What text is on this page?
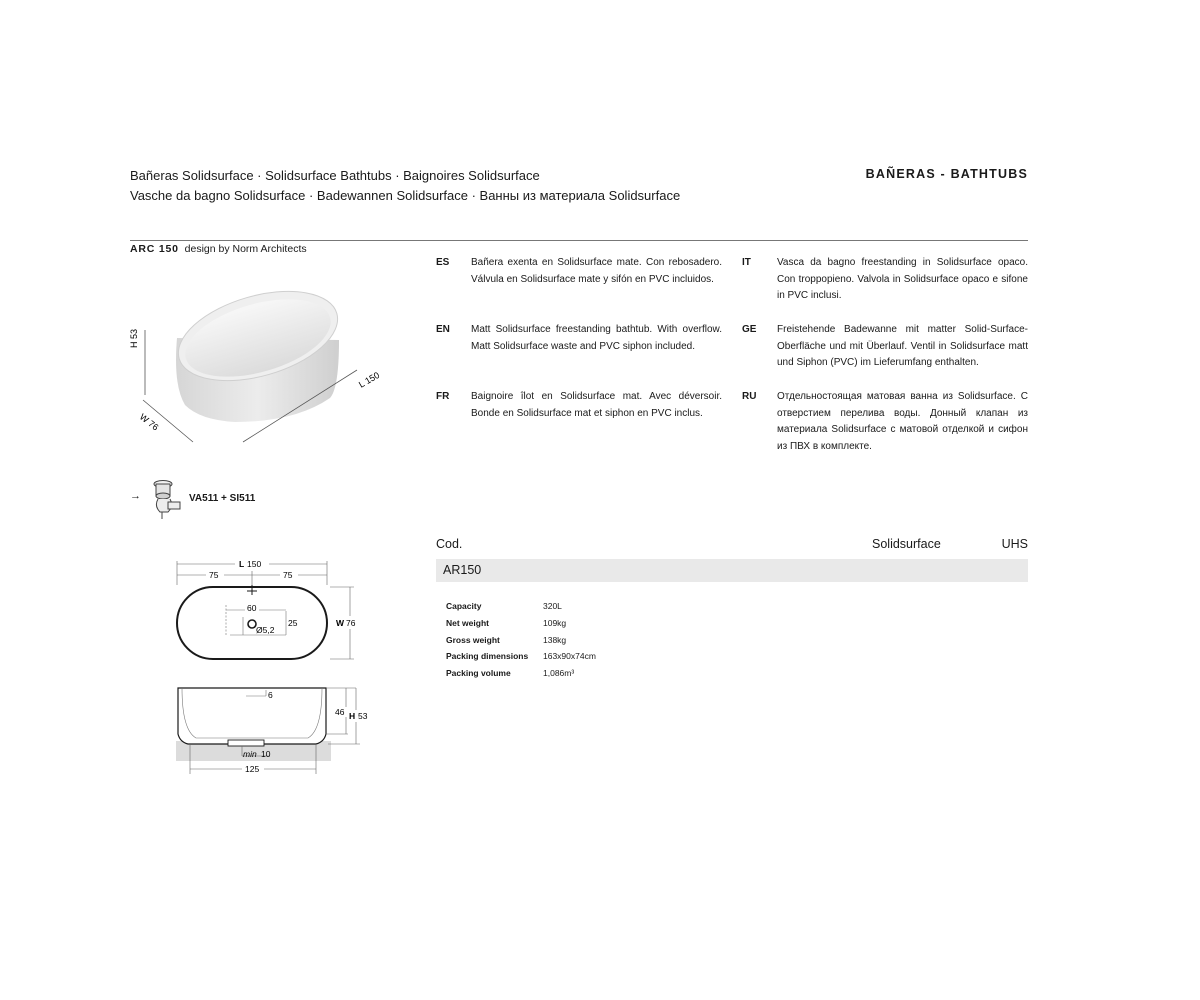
Bañeras Solidsurface · Solidsurface Bathtubs · Baignoires Solidsurface
Vasche da bagno Solidsurface · Badewannen Solidsurface · Ванны из материала Solidsurface
BAÑERAS - BATHTUBS
ARC 150 design by Norm Architects
H 53
W 76
L 150
→	VA511 + SI511
L 150
75	75
60
25
Ø5,2
W 76
6
46 H 53
min 10
125
ES	Bañera exenta en Solidsurface mate. Con rebosadero. Válvula en Solidsurface mate y sifón en PVC incluidos.
EN	Matt Solidsurface freestanding bathtub. With overflow. Matt Solidsurface waste and PVC siphon included.
FR	Baignoire îlot en Solidsurface mat. Avec déversoir. Bonde en Solidsurface mat et siphon en PVC inclus.
IT	Vasca da bagno freestanding in Solidsurface opaco. Con troppopieno. Valvola in Solidsurface opaco e sifone in PVC inclusi.
GE	Freistehende Badewanne mit matter Solid-Surface-Oberfläche und mit Überlauf. Ventil in Solidsurface matt und Siphon (PVC) im Lieferumfang enthalten.
RU	Отдельностоящая матовая ванна из Solidsurface. С отверстием перелива воды. Донный клапан из материала Solidsurface с матовой отделкой и сифон из ПВХ в комплекте.
Cod.	Solidsurface	UHS
AR150
Capacity	320L
Net weight	109kg
Gross weight	138kg
Packing dimensions 163x90x74cm
Packing volume	1,086m³
